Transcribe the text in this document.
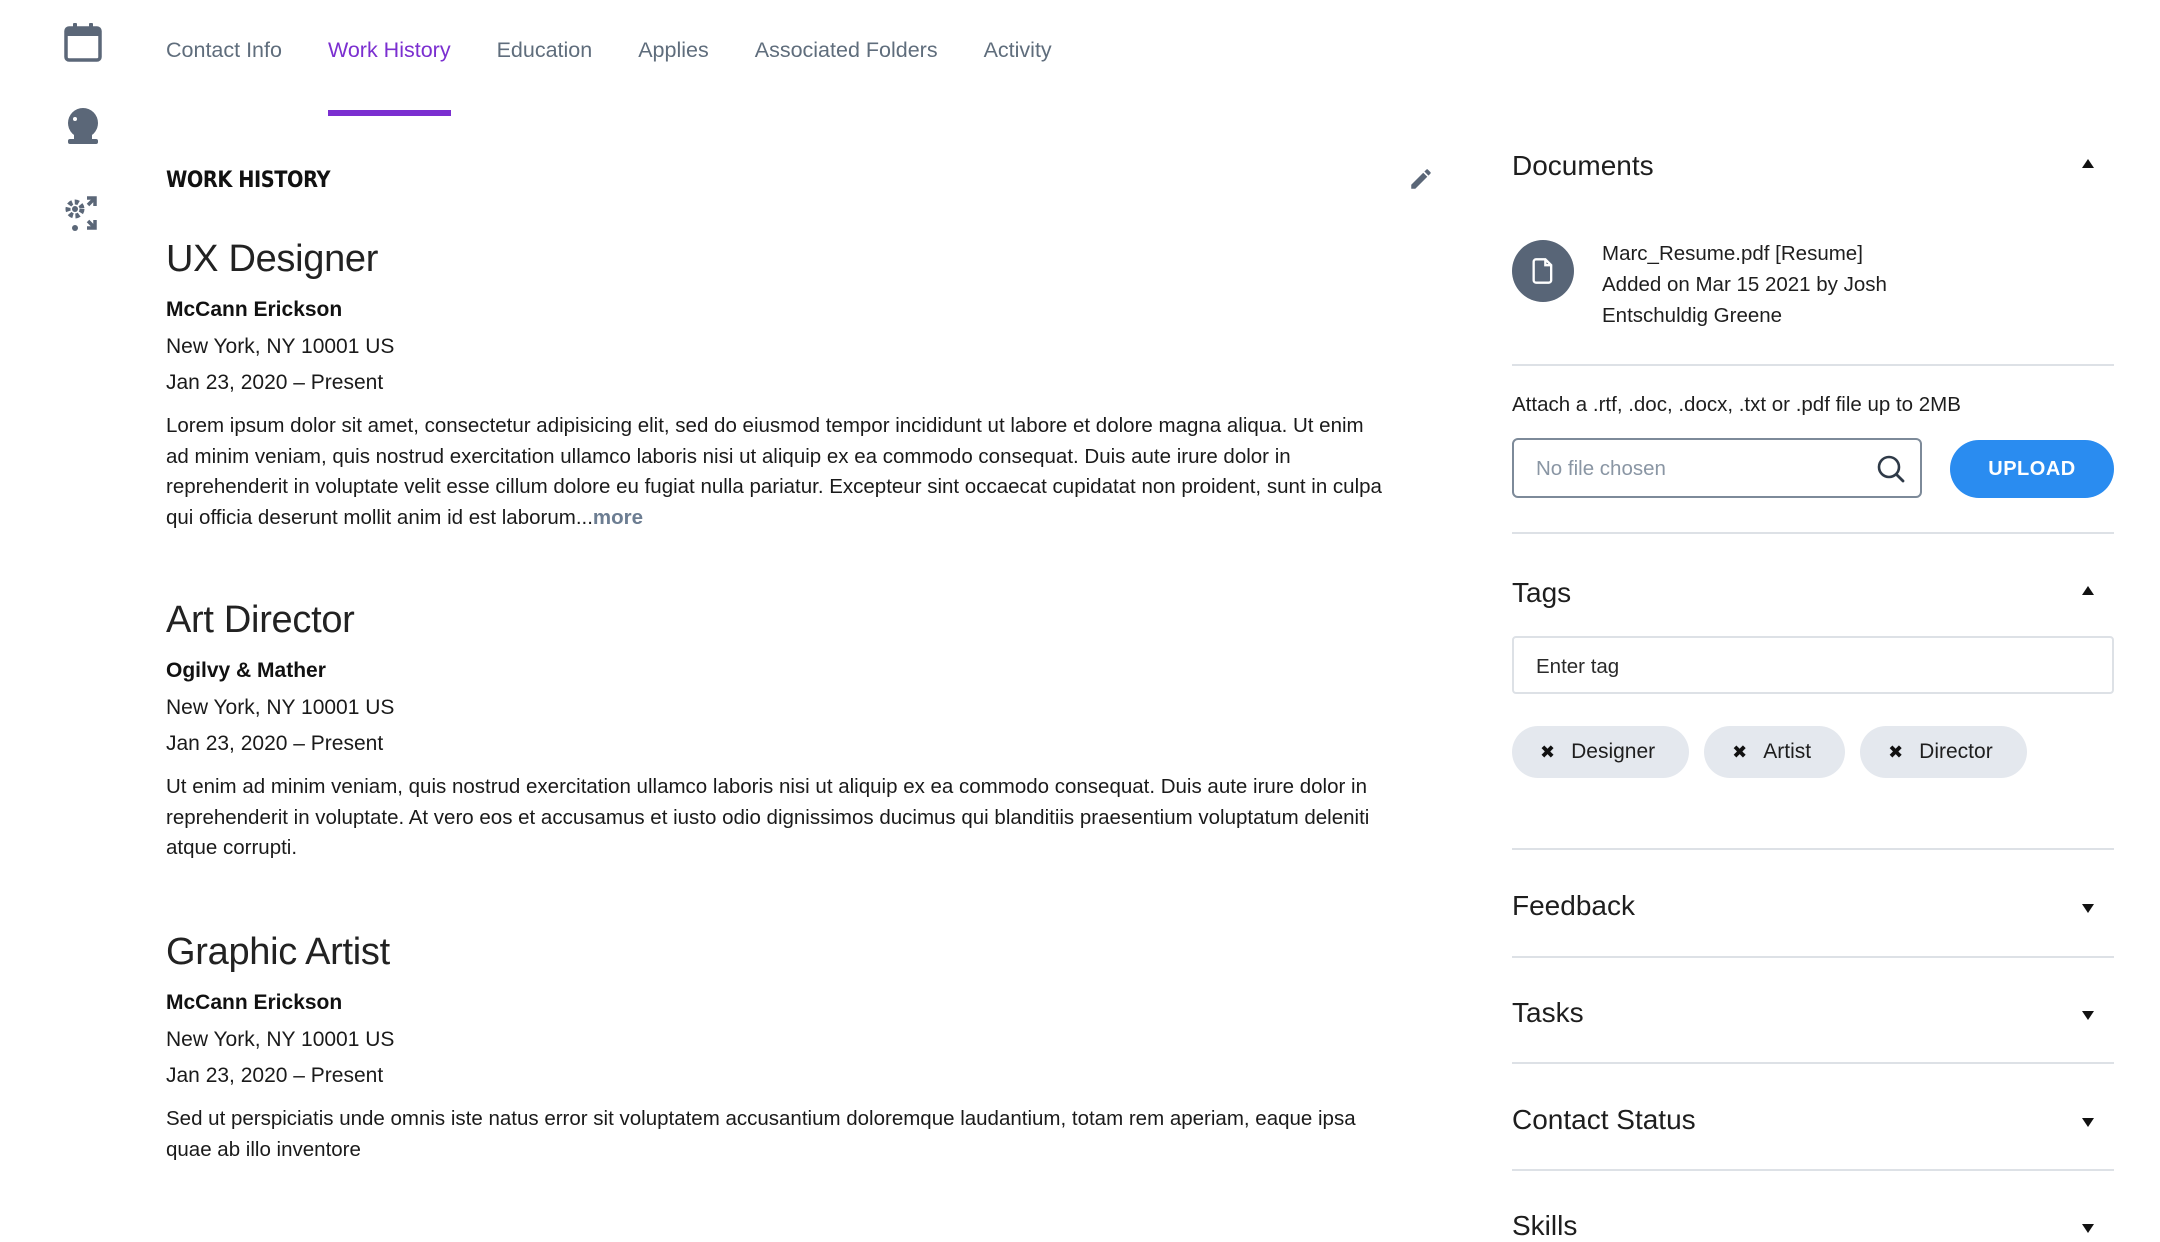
Contact Info Work History Education Applies Associated Folders Activity
WORK HISTORY
UX Designer
McCann Erickson
New York, NY 10001 US
Jan 23, 2020 – Present
Lorem ipsum dolor sit amet, consectetur adipisicing elit, sed do eiusmod tempor incididunt ut labore et dolore magna aliqua. Ut enim ad minim veniam, quis nostrud exercitation ullamco laboris nisi ut aliquip ex ea commodo consequat. Duis aute irure dolor in reprehenderit in voluptate velit esse cillum dolore eu fugiat nulla pariatur. Excepteur sint occaecat cupidatat non proident, sunt in culpa qui officia deserunt mollit anim id est laborum...more
Art Director
Ogilvy & Mather
New York, NY 10001 US
Jan 23, 2020 – Present
Ut enim ad minim veniam, quis nostrud exercitation ullamco laboris nisi ut aliquip ex ea commodo consequat. Duis aute irure dolor in reprehenderit in voluptate. At vero eos et accusamus et iusto odio dignissimos ducimus qui blanditiis praesentium voluptatum deleniti atque corrupti.
Graphic Artist
McCann Erickson
New York, NY 10001 US
Jan 23, 2020 – Present
Sed ut perspiciatis unde omnis iste natus error sit voluptatem accusantium doloremque laudantium, totam rem aperiam, eaque ipsa quae ab illo inventore
Documents
Marc_Resume.pdf [Resume]
Added on Mar 15 2021 by Josh
Entschuldig Greene
Attach a .rtf, .doc, .docx, .txt or .pdf file up to 2MB
No file chosen	UPLOAD
Tags
Enter tag
✖ Designer	✖ Artist	✖ Director
Feedback
Tasks
Contact Status
Skills
